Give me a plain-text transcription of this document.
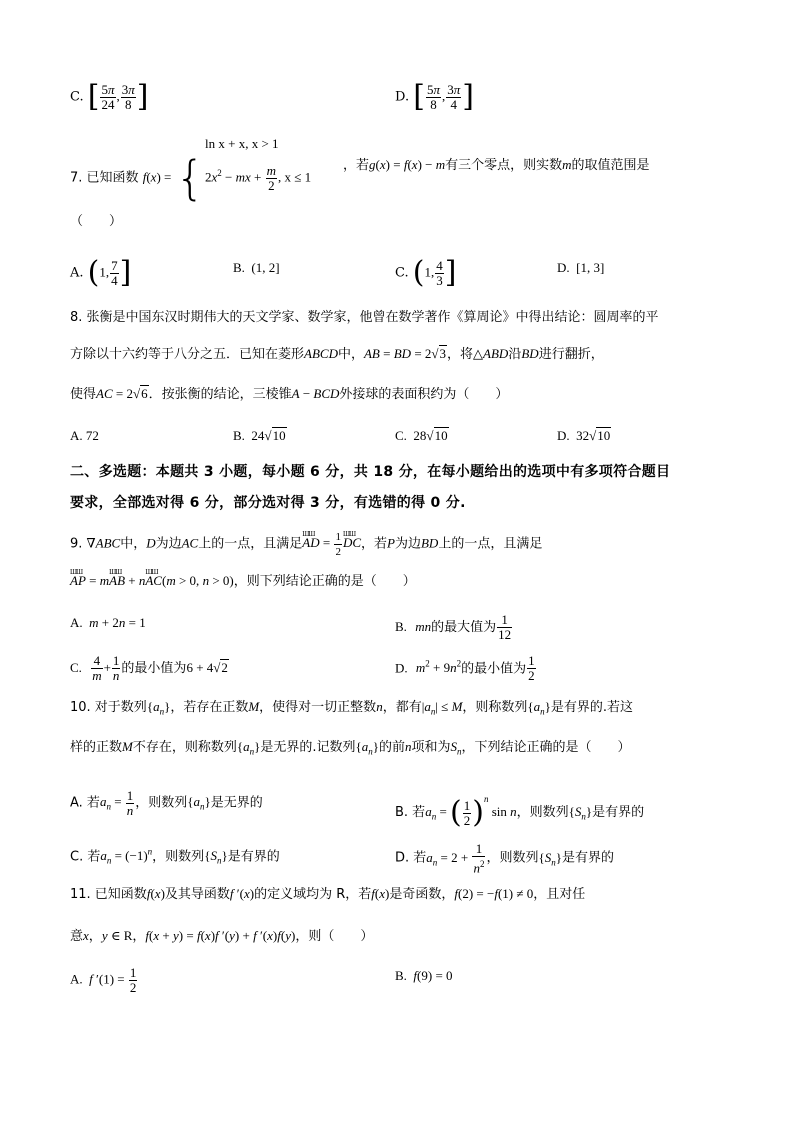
C. [ $\frac{5\pi}{24}$ , $\frac{3\pi}{8}$ ]	D. [ $\frac{5\pi}{8}$ , $\frac{3\pi}{4}$ ]
7. 已知函数 f(x) = {
ln x + x, x > 1
$2x^2$ − mx + $\frac{m}{2}$ , x ≤ 1
，若g(x) = f(x) − m有三个零点，则实数m的取值范围是
（　　）
A. (1, $\frac{7}{4}$ ]	B. (1, 2]	C. (1, $\frac{4}{3}$ ]	D. [1, 3]
8. 张衡是中国东汉时期伟大的天文学家、数学家，他曾在数学著作《算周论》中得出结论：圆周率的平
方除以十六约等于八分之五．已知在菱形ABCD中，AB = BD = 2√3，将△ABD沿BD进行翻折，
使得AC = 2√6．按张衡的结论，三棱锥A − BCD外接球的表面积约为（　　）
A. 72	B.  24√10	C.  28√10	D.  32√10
二、多选题：本题共 3 小题，每小题 6 分，共 18 分，在每小题给出的选项中有多项符合题目
要求，全部选对得 6 分，部分选对得 3 分，有选错的得 0 分.
9. ∇ABC中，D为边AC上的一点，且满足ШШ AD = $\frac{1}{2}$
ШШ DC，若P为边BD上的一点，且满足
ШШ AP = mШШ AB + nШШ AC(m > 0, n > 0)，则下列结论正确的是（　　）
A. m + 2n = 1	B. mn的最大值为 $\frac{1}{12}$
C. $\frac{4}{m} + \frac{1}{n}$ 的最小值为6 + 4√2	D. $m^2 + 9n^2$的最小值为 $\frac{1}{2}$
10. 对于数列$\{a_n\}$，若存在正数M，使得对一切正整数n，都有$|a_n| \le M$，则称数列$\{a_n\}$是有界的.若这
样的正数M不存在，则称数列$\{a_n\}$是无界的.记数列$\{a_n\}$的前n项和为$S_n$，下列结论正确的是（　　）
A. 若$a_n = \frac{1}{n}$ ，则数列$\{a_n\}$是无界的
B. 若$a_n$ = ( $\frac{1}{2} )^n$ sin n，则数列$\{S_n\}$是有界的
C. 若$a_n = (-1)^n$，则数列$\{S_n\}$是有界的	D. 若$a_n = 2 + \frac{1}{n^2}$ ，则数列$\{S_n\}$是有界的
11. 已知函数f(x)及其导函数f ′(x)的定义域均为 R，若f(x)是奇函数，f(2) = −f(1) ≠ 0，且对任
意x，y ∈ R，f(x + y) = f(x)f ′(y) + f ′(x)f(y)，则（　　）
A. f $'(1) = \frac{1}{2}$	B. f(9) = 0
